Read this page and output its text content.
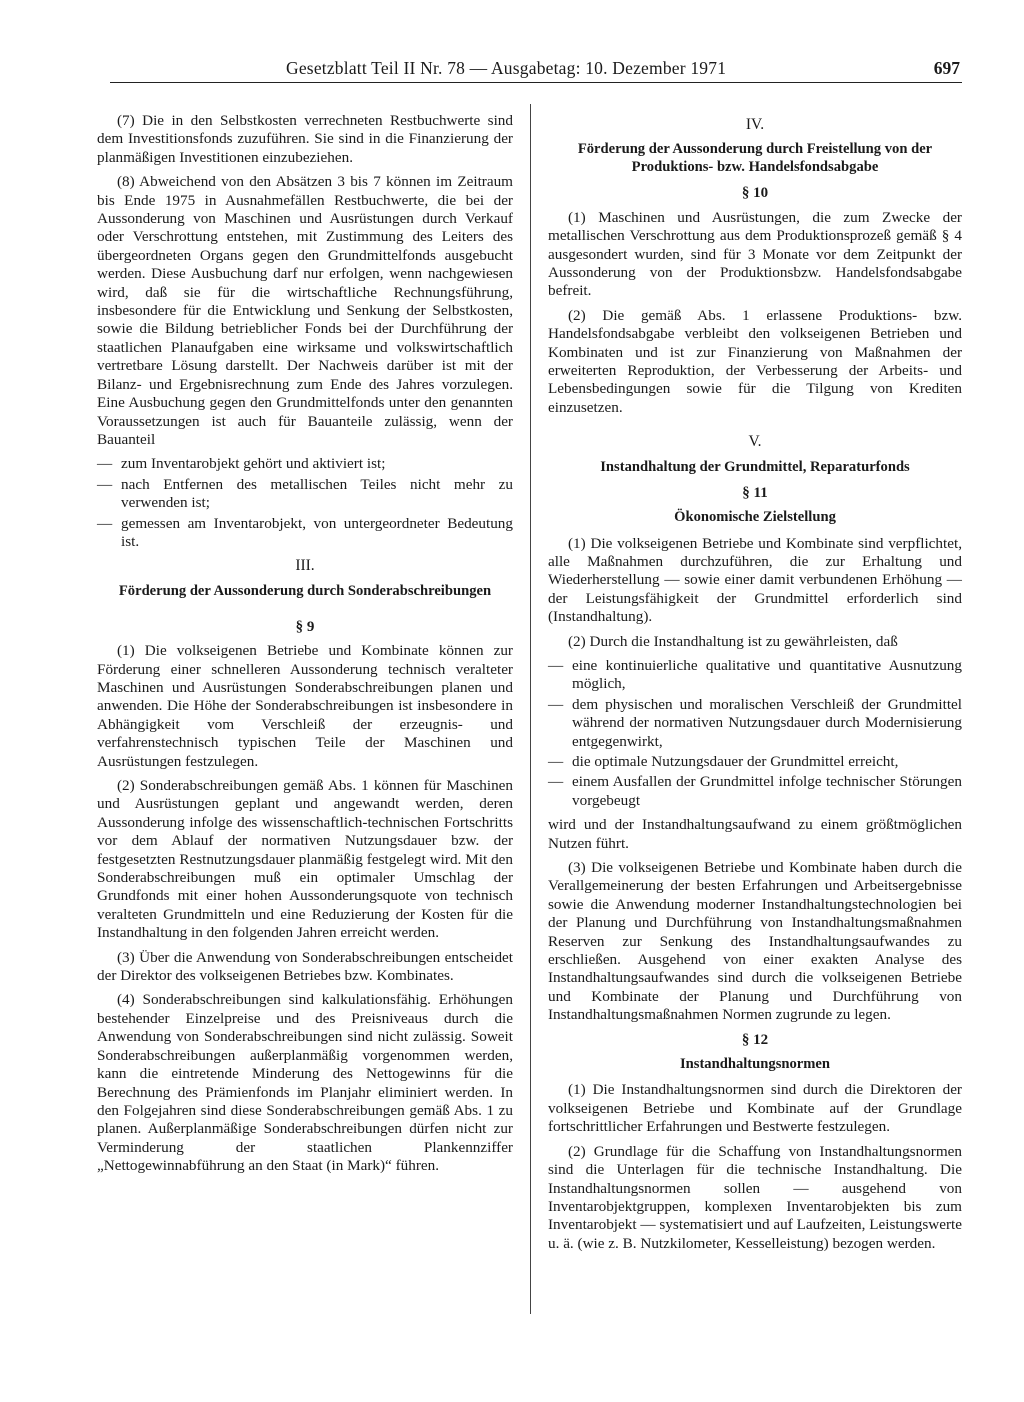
Gesetzblatt Teil II Nr. 78 — Ausgabetag: 10. Dezember 1971	697

(7) Die in den Selbstkosten verrechneten Restbuchwerte sind dem Investitionsfonds zuzuführen. Sie sind in die Finanzierung der planmäßigen Investitionen einzubeziehen.

(8) Abweichend von den Absätzen 3 bis 7 können im Zeitraum bis Ende 1975 in Ausnahmefällen Restbuchwerte, die bei der Aussonderung von Maschinen und Ausrüstungen durch Verkauf oder Verschrottung entstehen, mit Zustimmung des Leiters des übergeordneten Organs gegen den Grundmittelfonds ausgebucht werden. Diese Ausbuchung darf nur erfolgen, wenn nachgewiesen wird, daß sie für die wirtschaftliche Rechnungsführung, insbesondere für die Entwicklung und Senkung der Selbstkosten, sowie die Bildung betrieblicher Fonds bei der Durchführung der staatlichen Planaufgaben eine wirksame und volkswirtschaftlich vertretbare Lösung darstellt. Der Nachweis darüber ist mit der Bilanz- und Ergebnisrechnung zum Ende des Jahres vorzulegen. Eine Ausbuchung gegen den Grundmittelfonds unter den genannten Voraussetzungen ist auch für Bauanteile zulässig, wenn der Bauanteil

— zum Inventarobjekt gehört und aktiviert ist;
— nach Entfernen des metallischen Teiles nicht mehr zu verwenden ist;
— gemessen am Inventarobjekt, von untergeordneter Bedeutung ist.
III.
Förderung der Aussonderung durch Sonderabschreibungen
§ 9

(1) Die volkseigenen Betriebe und Kombinate können zur Förderung einer schnelleren Aussonderung technisch veralteter Maschinen und Ausrüstungen Sonderabschreibungen planen und anwenden. Die Höhe der Sonderabschreibungen ist insbesondere in Abhängigkeit vom Verschleiß der erzeugnis- und verfahrenstechnisch typischen Teile der Maschinen und Ausrüstungen festzulegen.

(2) Sonderabschreibungen gemäß Abs. 1 können für Maschinen und Ausrüstungen geplant und angewandt werden, deren Aussonderung infolge des wissenschaftlich-technischen Fortschritts vor dem Ablauf der normativen Nutzungsdauer bzw. der festgesetzten Restnutzungsdauer planmäßig festgelegt wird. Mit den Sonderabschreibungen muß ein optimaler Umschlag der Grundfonds mit einer hohen Aussonderungsquote von technisch veralteten Grundmitteln und eine Reduzierung der Kosten für die Instandhaltung in den folgenden Jahren erreicht werden.

(3) Über die Anwendung von Sonderabschreibungen entscheidet der Direktor des volkseigenen Betriebes bzw. Kombinates.

(4) Sonderabschreibungen sind kalkulationsfähig. Erhöhungen bestehender Einzelpreise und des Preisniveaus durch die Anwendung von Sonderabschreibungen sind nicht zulässig. Soweit Sonderabschreibungen außerplanmäßig vorgenommen werden, kann die eintretende Minderung des Nettogewinns für die Berechnung des Prämienfonds im Planjahr eliminiert werden. In den Folgejahren sind diese Sonderabschreibungen gemäß Abs. 1 zu planen. Außerplanmäßige Sonderabschreibungen dürfen nicht zur Verminderung der staatlichen Plankennziffer „Nettogewinnabführung an den Staat (in Mark)“ führen.

IV.
Förderung der Aussonderung durch Freistellung von der Produktions- bzw. Handelsfondsabgabe
§ 10

(1) Maschinen und Ausrüstungen, die zum Zwecke der metallischen Verschrottung aus dem Produktionsprozeß gemäß § 4 ausgesondert wurden, sind für 3 Monate vor dem Zeitpunkt der Aussonderung von der Produktionsbzw. Handelsfondsabgabe befreit.

(2) Die gemäß Abs. 1 erlassene Produktions- bzw. Handelsfondsabgabe verbleibt den volkseigenen Betrieben und Kombinaten und ist zur Finanzierung von Maßnahmen der erweiterten Reproduktion, der Verbesserung der Arbeits- und Lebensbedingungen sowie für die Tilgung von Krediten einzusetzen.

V.
Instandhaltung der Grundmittel, Reparaturfonds
§ 11
Ökonomische Zielstellung

(1) Die volkseigenen Betriebe und Kombinate sind verpflichtet, alle Maßnahmen durchzuführen, die zur Erhaltung und Wiederherstellung — sowie einer damit verbundenen Erhöhung — der Leistungsfähigkeit der Grundmittel erforderlich sind (Instandhaltung).

(2) Durch die Instandhaltung ist zu gewährleisten, daß

— eine kontinuierliche qualitative und quantitative Ausnutzung möglich,
— dem physischen und moralischen Verschleiß der Grundmittel während der normativen Nutzungsdauer durch Modernisierung entgegenwirkt,
— die optimale Nutzungsdauer der Grundmittel erreicht,
— einem Ausfallen der Grundmittel infolge technischer Störungen vorgebeugt

wird und der Instandhaltungsaufwand zu einem größtmöglichen Nutzen führt.

(3) Die volkseigenen Betriebe und Kombinate haben durch die Verallgemeinerung der besten Erfahrungen und Arbeitsergebnisse sowie die Anwendung moderner Instandhaltungstechnologien bei der Planung und Durchführung von Instandhaltungsmaßnahmen Reserven zur Senkung des Instandhaltungsaufwandes zu erschließen. Ausgehend von einer exakten Analyse des Instandhaltungsaufwandes sind durch die volkseigenen Betriebe und Kombinate der Planung und Durchführung von Instandhaltungsmaßnahmen Normen zugrunde zu legen.

§ 12
Instandhaltungsnormen

(1) Die Instandhaltungsnormen sind durch die Direktoren der volkseigenen Betriebe und Kombinate auf der Grundlage fortschrittlicher Erfahrungen und Bestwerte festzulegen.

(2) Grundlage für die Schaffung von Instandhaltungsnormen sind die Unterlagen für die technische Instandhaltung. Die Instandhaltungsnormen sollen — ausgehend von Inventarobjektgruppen, komplexen Inventarobjekten bis zum Inventarobjekt — systematisiert und auf Laufzeiten, Leistungswerte u. ä. (wie z. B. Nutzkilometer, Kesselleistung) bezogen werden.
